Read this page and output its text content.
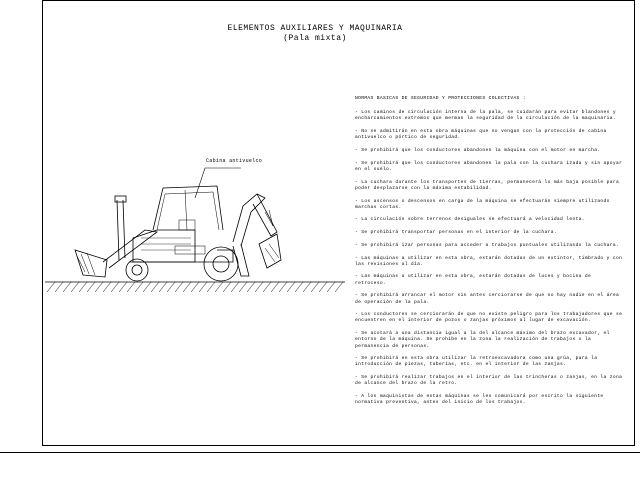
ELEMENTOS AUXILIARES Y MAQUINARIA
(Pala mixta)
Cabina antivuelco
NORMAS BASICAS DE SEGURIDAD Y PROTECCIONES COLECTIVAS :
- Los caminos de circulación interna de la pala, se cuidarán para evitar blandones y encharcamientos extremos que merman la seguridad de la circulación de la maquinaria.
- No se admitirán en esta obra máquinas que no vengan con la protección de cabina antivuelco o pórtico de seguridad.
- Se prohibirá que los conductores abandonen la máquina con el motor en marcha.
- Se prohibirá que los conductores abandonen la pala con la cuchara izada y sin apoyar en el suelo.
- La cuchara durante los transportes de tierras, permanecerá lo más baja posible para poder desplazarse con la máxima estabilidad.
- Los ascensos o descensos en carga de la máquina se efectuarán siempre utilizando marchas cortas.
- La circulación sobre terrenos desiguales se efectuará a velocidad lenta.
- Se prohibirá transportar personas en el interior de la cuchara.
- Se prohibirá izar personas para acceder a trabajos puntuales utilizando la cuchara.
- Las máquinas a utilizar en esta obra, estarán dotadas de un extintor, timbrado y con las revisiones al día.
- Las máquinas a utilizar en esta obra, estarán dotadas de luces y bocina de retroceso.
- Se prohibirá arrancar el motor sin antes cerciorarse de que no hay nadie en el área de operación de la pala.
- Los conductores se cerciorarán de que no existe peligro para los trabajadores que se encuentren en el interior de pozos o zanjas próximos al lugar de excavación.
- Se acotará a una distancia igual a la del alcance máximo del brazo excavador, el entorno de la máquina. Se prohibe en la zona la realización de trabajos o la permanencia de personas.
- Se prohibirá en esta obra utilizar la retroexcavadora como una grúa, para la introducción de piezas, tuberías, etc. en el interior de las zanjas.
- Se prohibirá realizar trabajos en el interior de las trincheras o zanjas, en la zona de alcance del brazo de la retro.
- A los maquinistas de estas máquinas se les comunicará por escrito la siguiente normativa preventiva, antes del inicio de los trabajos.
